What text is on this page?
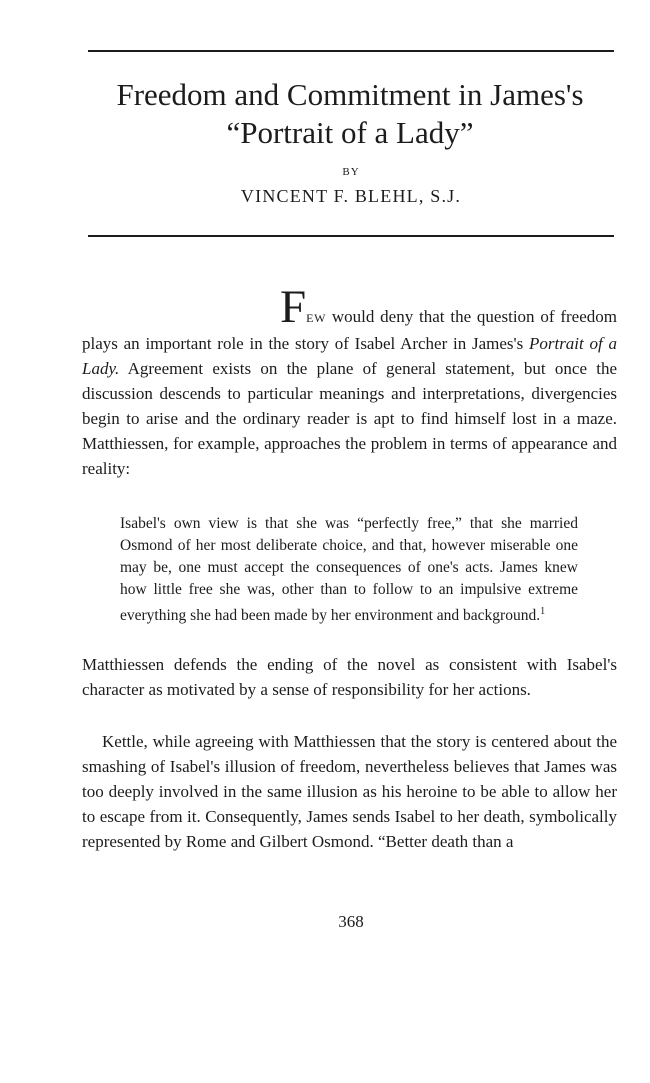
Freedom and Commitment in James's
“Portrait of a Lady”
BY
VINCENT F. BLEHL, S.J.

FEW would deny that the question of freedom plays an important role in the story of Isabel Archer in James's Portrait of a Lady. Agreement exists on the plane of general statement, but once the discussion descends to particular meanings and interpretations, divergencies begin to arise and the ordinary reader is apt to find himself lost in a maze. Matthiessen, for example, approaches the problem in terms of appearance and reality:

Isabel's own view is that she was “perfectly free,” that she married Osmond of her most deliberate choice, and that, however miserable one may be, one must accept the consequences of one's acts. James knew how little free she was, other than to follow to an impulsive extreme everything she had been made by her environment and background.$^1$

Matthiessen defends the ending of the novel as consistent with Isabel's character as motivated by a sense of responsibility for her actions.

Kettle, while agreeing with Matthiessen that the story is centered about the smashing of Isabel's illusion of freedom, nevertheless believes that James was too deeply involved in the same illusion as his heroine to be able to allow her to escape from it. Consequently, James sends Isabel to her death, symbolically represented by Rome and Gilbert Osmond. “Better death than a

368
